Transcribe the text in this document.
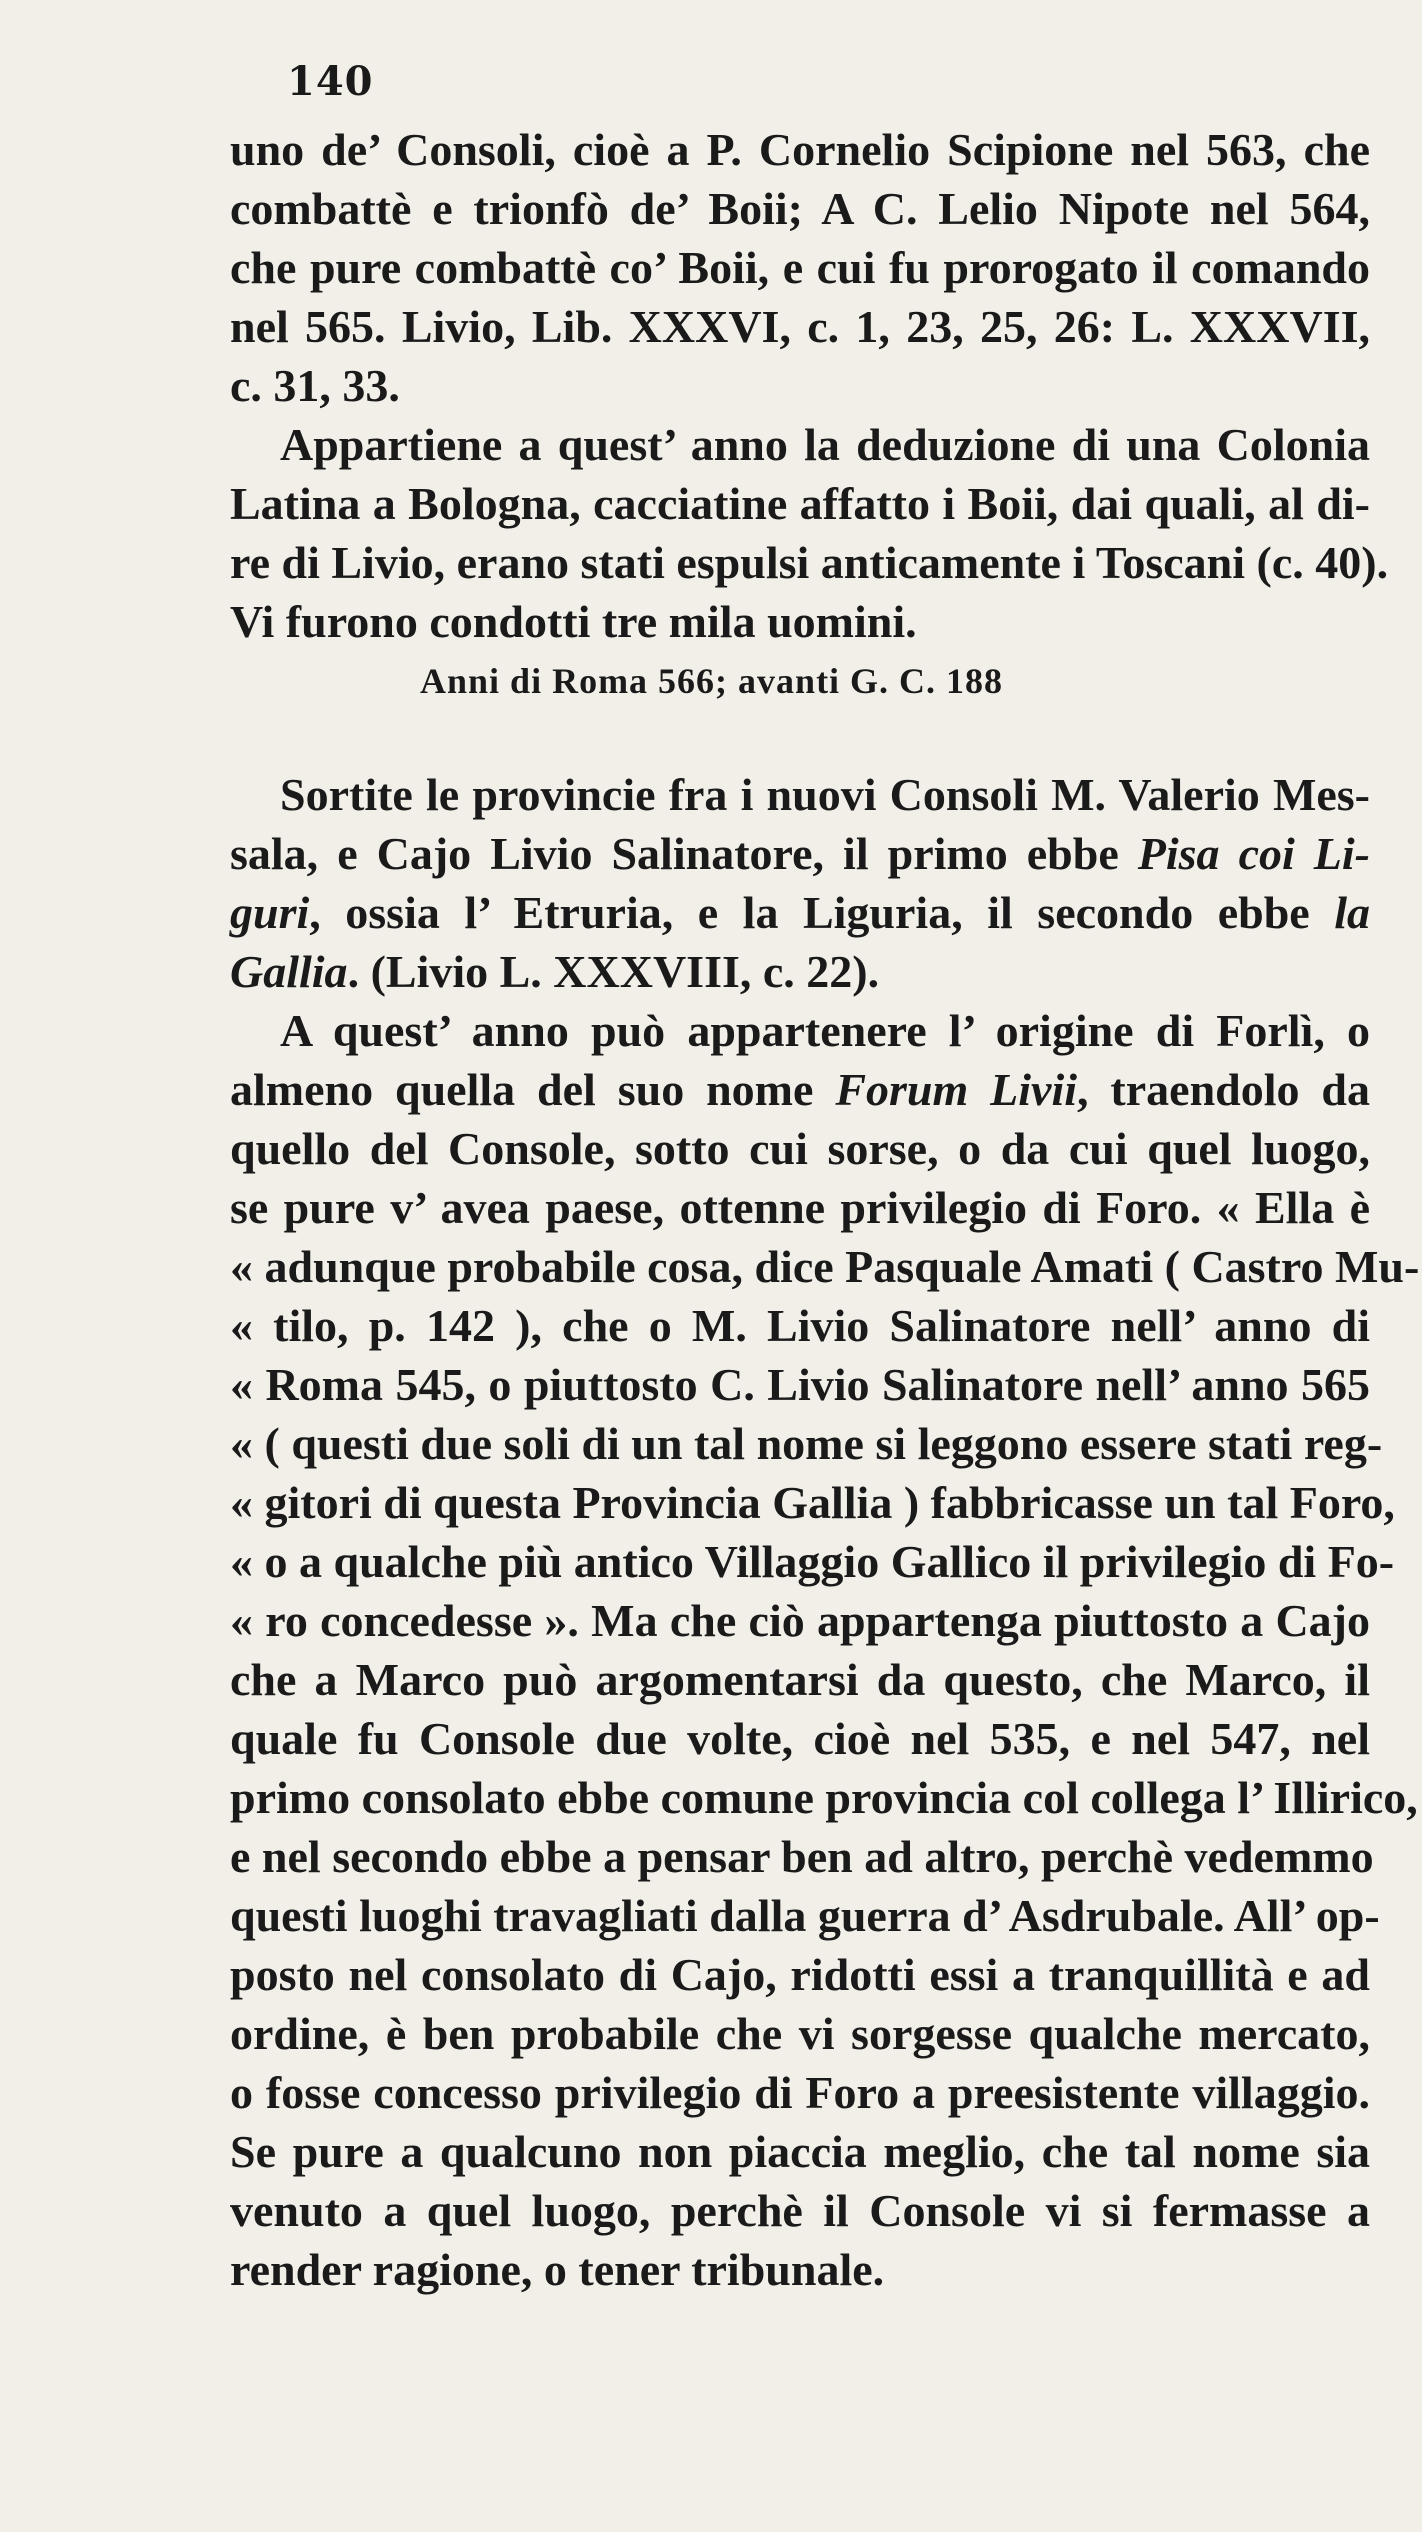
140
uno de’ Consoli, cioè a P. Cornelio Scipione nel 563, che
combattè e trionfò de’ Boii; A C. Lelio Nipote nel 564,
che pure combattè co’ Boii, e cui fu prorogato il comando
nel 565. Livio, Lib. XXXVI, c. 1, 23, 25, 26: L. XXXVII,
c. 31, 33.
Appartiene a quest’ anno la deduzione di una Colonia
Latina a Bologna, cacciatine affatto i Boii, dai quali, al di-
re di Livio, erano stati espulsi anticamente i Toscani (c. 40).
Vi furono condotti tre mila uomini.
Anni di Roma 566; avanti G. C. 188
Sortite le provincie fra i nuovi Consoli M. Valerio Mes-
sala, e Cajo Livio Salinatore, il primo ebbe Pisa coi Li-
guri, ossia l’ Etruria, e la Liguria, il secondo ebbe la
Gallia. (Livio L. XXXVIII, c. 22).
A quest’ anno può appartenere l’ origine di Forlì, o
almeno quella del suo nome Forum Livii, traendolo da
quello del Console, sotto cui sorse, o da cui quel luogo,
se pure v’ avea paese, ottenne privilegio di Foro. « Ella è
« adunque probabile cosa, dice Pasquale Amati ( Castro Mu-
« tilo, p. 142 ), che o M. Livio Salinatore nell’ anno di
« Roma 545, o piuttosto C. Livio Salinatore nell’ anno 565
« ( questi due soli di un tal nome si leggono essere stati reg-
« gitori di questa Provincia Gallia ) fabbricasse un tal Foro,
« o a qualche più antico Villaggio Gallico il privilegio di Fo-
« ro concedesse ». Ma che ciò appartenga piuttosto a Cajo
che a Marco può argomentarsi da questo, che Marco, il
quale fu Console due volte, cioè nel 535, e nel 547, nel
primo consolato ebbe comune provincia col collega l’ Illirico,
e nel secondo ebbe a pensar ben ad altro, perchè vedemmo
questi luoghi travagliati dalla guerra d’ Asdrubale. All’ op-
posto nel consolato di Cajo, ridotti essi a tranquillità e ad
ordine, è ben probabile che vi sorgesse qualche mercato,
o fosse concesso privilegio di Foro a preesistente villaggio.
Se pure a qualcuno non piaccia meglio, che tal nome sia
venuto a quel luogo, perchè il Console vi si fermasse a
render ragione, o tener tribunale.
